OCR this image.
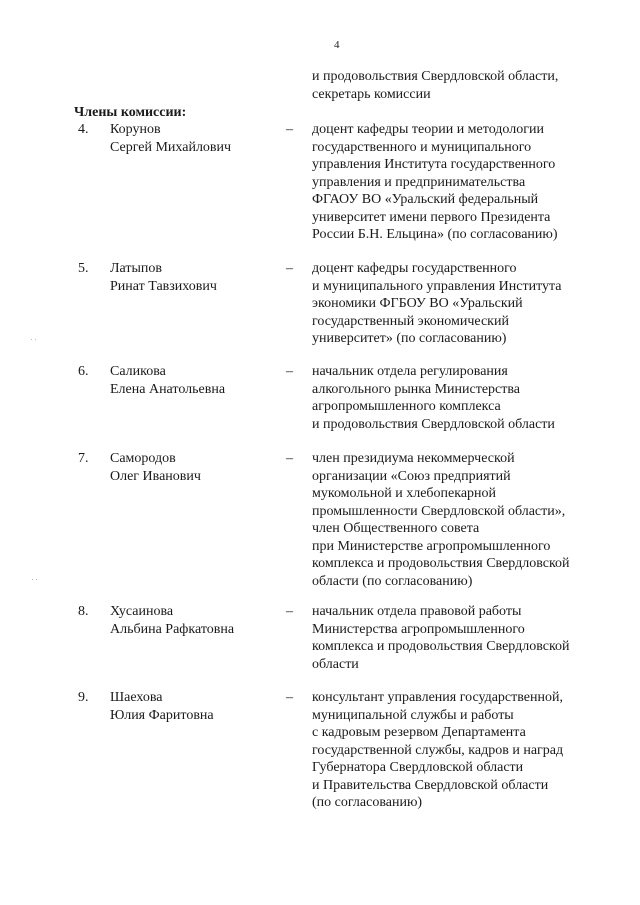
4
и продовольствия Свердловской области,
секретарь комиссии
Члены комиссии:
4.	Корунов
Сергей Михайлович
–	доцент кафедры теории и методологии
государственного и муниципального
управления Института государственного
управления и предпринимательства
ФГАОУ ВО «Уральский федеральный
университет имени первого Президента
России Б.Н. Ельцина» (по согласованию)
5.	Латыпов
Ринат Тавзихович
–	доцент кафедры государственного
и муниципального управления Института
экономики ФГБОУ ВО «Уральский
государственный экономический
университет» (по согласованию)
6.	Саликова
Елена Анатольевна
–	начальник отдела регулирования
алкогольного рынка Министерства
агропромышленного комплекса
и продовольствия Свердловской области
7.	Самородов
Олег Иванович
–	член президиума некоммерческой
организации «Союз предприятий
мукомольной и хлебопекарной
промышленности Свердловской области»,
член Общественного совета
при Министерстве агропромышленного
комплекса и продовольствия Свердловской
области (по согласованию)
8.	Хусаинова
Альбина Рафкатовна
–	начальник отдела правовой работы
Министерства агропромышленного
комплекса и продовольствия Свердловской
области
9.	Шаехова
Юлия Фаритовна
–	консультант управления государственной,
муниципальной службы и работы
с кадровым резервом Департамента
государственной службы, кадров и наград
Губернатора Свердловской области
и Правительства Свердловской области
(по согласованию)
